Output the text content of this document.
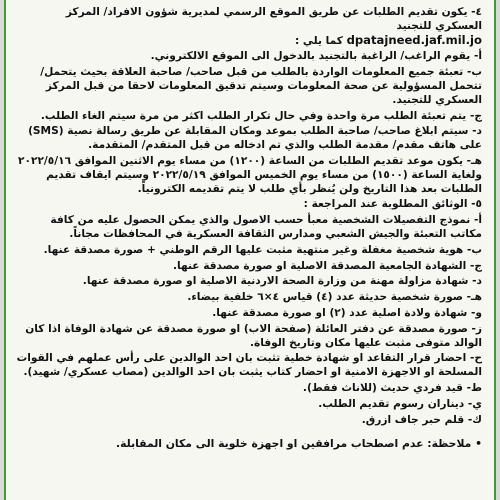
٤- يكون تقديم الطلبات عن طريق الموقع الرسمي لمديرية شؤون الافراد/ المركز العسكري للتجنيد
dpatajneed.jaf.mil.jo كما يلي :

أ- يقوم الراغب/ الراغبة بالتجنيد بالدخول الى الموقع الالكتروني.

ب- تعبئة جميع المعلومات الواردة بالطلب من قبل صاحب/ صاحبة العلاقة بحيث يتحمل/ تتحمل المسؤولية عن صحة المعلومات وسيتم تدقيق المعلومات لاحقا من قبل المركز العسكري للتجنيد.

ج- يتم تعبئة الطلب مرة واحدة وفي حال تكرار الطلب اكثر من مرة سيتم الغاء الطلب.

د- سيتم ابلاغ صاحب/ صاحبة الطلب بموعد ومكان المقابلة عن طريق رسالة نصية (SMS) على هاتف مقدم/ مقدمة الطلب والذي تم ادخاله من قبل المتقدم/ المتقدمة.

هـ- يكون موعد تقديم الطلبات من الساعة (١٢٠٠) من مساء يوم الاثنين الموافق ٢٠٢٢/٥/١٦ ولغاية الساعة (١٥٠٠) من مساء يوم الخميس الموافق ٢٠٢٢/٥/١٩ وسيتم ايقاف تقديم الطلبات بعد هذا التاريخ ولن يُنظر بأي طلب لا يتم تقديمه الكترونياً.

٥- الوثائق المطلوبة عند المراجعة :

أ- نموذج التفصيلات الشخصية معبأ حسب الاصول والذي يمكن الحصول عليه من كافة مكاتب التعبئة والجيش الشعبي ومدارس الثقافة العسكرية في المحافظات مجاناً.

ب- هوية شخصية مغفلة وغير منتهية مثبت عليها الرقم الوطني + صورة مصدقة عنها.

ج- الشهادة الجامعية المصدقة الاصلية او صورة مصدقة عنها.

د- شهادة مزاولة مهنة من وزارة الصحة الاردنية الاصلية او صورة مصدقة عنها.

هـ- صورة شخصية حديثة عدد (٤) قياس ٤×٦ خلفية بيضاء.

و- شهادة ولادة اصلية عدد (٢) او صورة مصدقة عنها.

ز- صورة مصدقة عن دفتر العائلة (صفحة الاب) او صورة مصدقة عن شهادة الوفاة اذا كان الوالد متوفى مثبت عليها مكان وتاريخ الوفاة.

ح- احضار قرار التقاعد او شهادة خطية تثبت بان احد الوالدين على رأس عملهم في القوات المسلحة او الاجهزة الامنية او احضار كتاب يثبت بان احد الوالدين (مصاب عسكري/ شهيد).

ط- قيد فردي حديث (للاناث فقط).

ي- ديناران رسوم تقديم الطلب.

ك- قلم حبر جاف ازرق.

• ملاحظة: عدم اصطحاب مرافقين او اجهزة خلوية الى مكان المقابلة.
